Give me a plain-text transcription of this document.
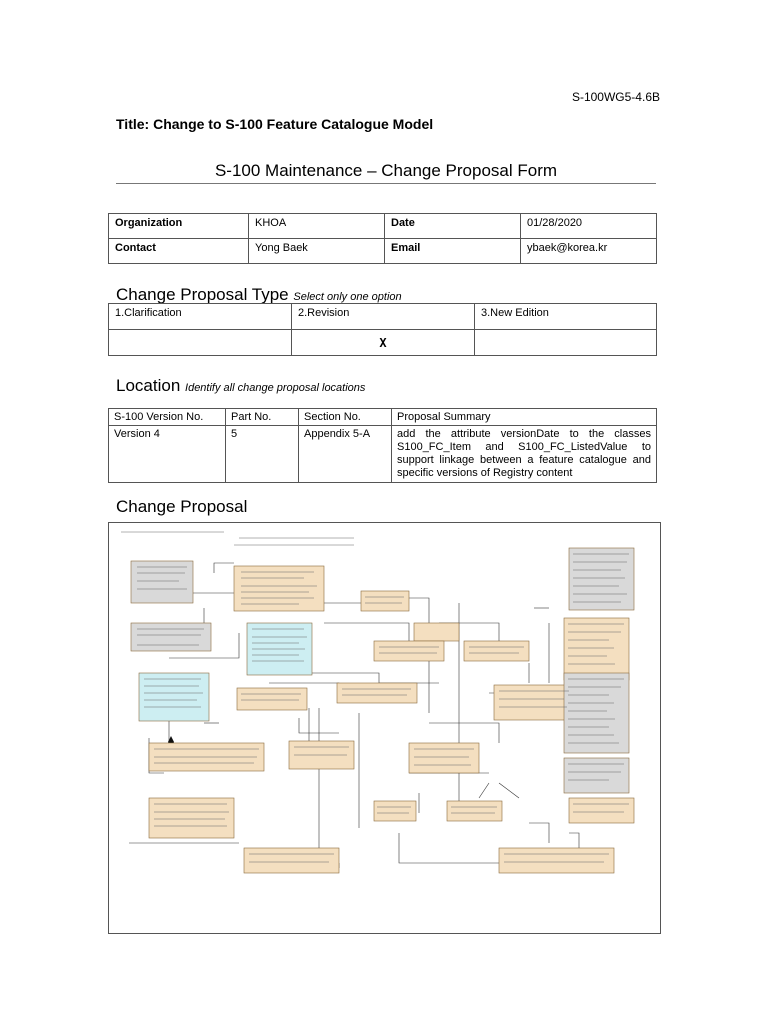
S-100WG5-4.6B
Title: Change to S-100 Feature Catalogue Model
S-100 Maintenance – Change Proposal Form
Organization	KHOA	Date	01/28/2020
Contact	Yong Baek	Email	ybaek@korea.kr
Change Proposal Type Select only one option
1.Clarification	2.Revision	3.New Edition
	X	
Location Identify all change proposal locations
S-100 Version No.	Part No.	Section No.	Proposal Summary
Version 4	5	Appendix 5-A	add the attribute versionDate to the classes S100_FC_Item and S100_FC_ListedValue to support linkage between a feature catalogue and specific versions of Registry content
Change Proposal
